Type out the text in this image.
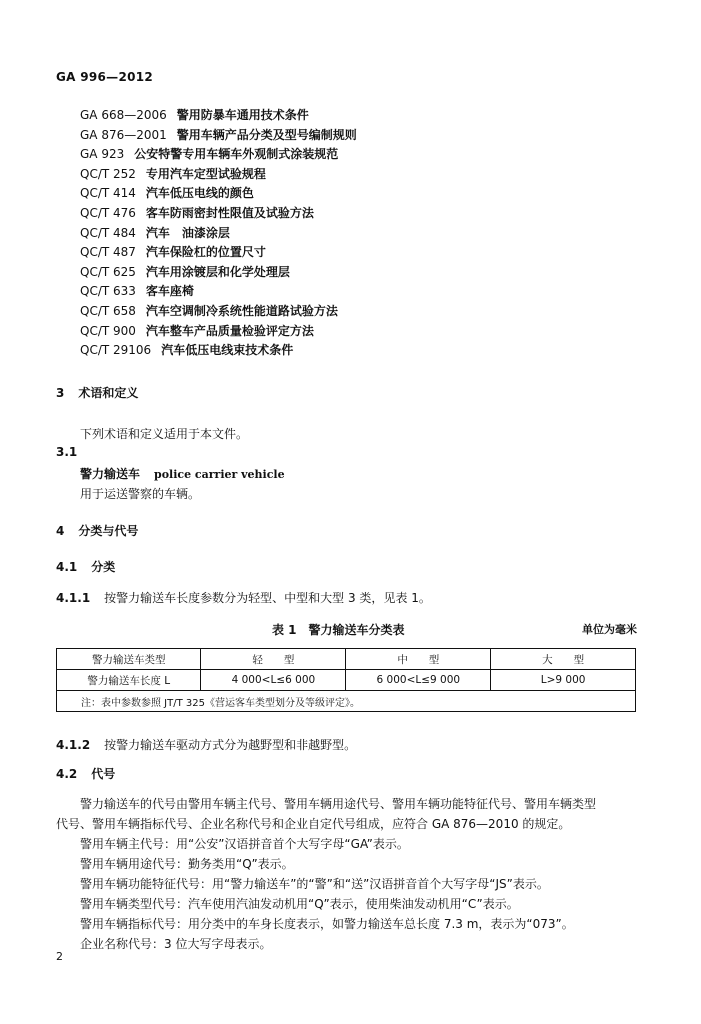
GA 996—2012
GA 668—2006 警用防暴车通用技术条件
GA 876—2001 警用车辆产品分类及型号编制规则
GA 923 公安特警专用车辆车外观制式涂装规范
QC/T 252 专用汽车定型试验规程
QC/T 414 汽车低压电线的颜色
QC/T 476 客车防雨密封性限值及试验方法
QC/T 484 汽车　油漆涂层
QC/T 487 汽车保险杠的位置尺寸
QC/T 625 汽车用涂镀层和化学处理层
QC/T 633 客车座椅
QC/T 658 汽车空调制冷系统性能道路试验方法
QC/T 900 汽车整车产品质量检验评定方法
QC/T 29106 汽车低压电线束技术条件
3 术语和定义
下列术语和定义适用于本文件。
3.1
警力输送车 police carrier vehicle
用于运送警察的车辆。
4 分类与代号
4.1 分类
4.1.1 按警力输送车长度参数分为轻型、中型和大型 3 类，见表 1。
表 1　警力输送车分类表	单位为毫米
警力输送车类型	轻　　型	中　　型	大　　型
警力输送车长度 L	4 000<L≤6 000	6 000<L≤9 000	L>9 000
注：表中参数参照 JT/T 325《营运客车类型划分及等级评定》。			
4.1.2 按警力输送车驱动方式分为越野型和非越野型。
4.2 代号
警力输送车的代号由警用车辆主代号、警用车辆用途代号、警用车辆功能特征代号、警用车辆类型
代号、警用车辆指标代号、企业名称代号和企业自定代号组成，应符合 GA 876—2010 的规定。
警用车辆主代号：用“公安”汉语拼音首个大写字母“GA”表示。
警用车辆用途代号：勤务类用“Q”表示。
警用车辆功能特征代号：用“警力输送车”的“警”和“送”汉语拼音首个大写字母“JS”表示。
警用车辆类型代号：汽车使用汽油发动机用“Q”表示，使用柴油发动机用“C”表示。
警用车辆指标代号：用分类中的车身长度表示，如警力输送车总长度 7.3 m，表示为“073”。
企业名称代号：3 位大写字母表示。
2
